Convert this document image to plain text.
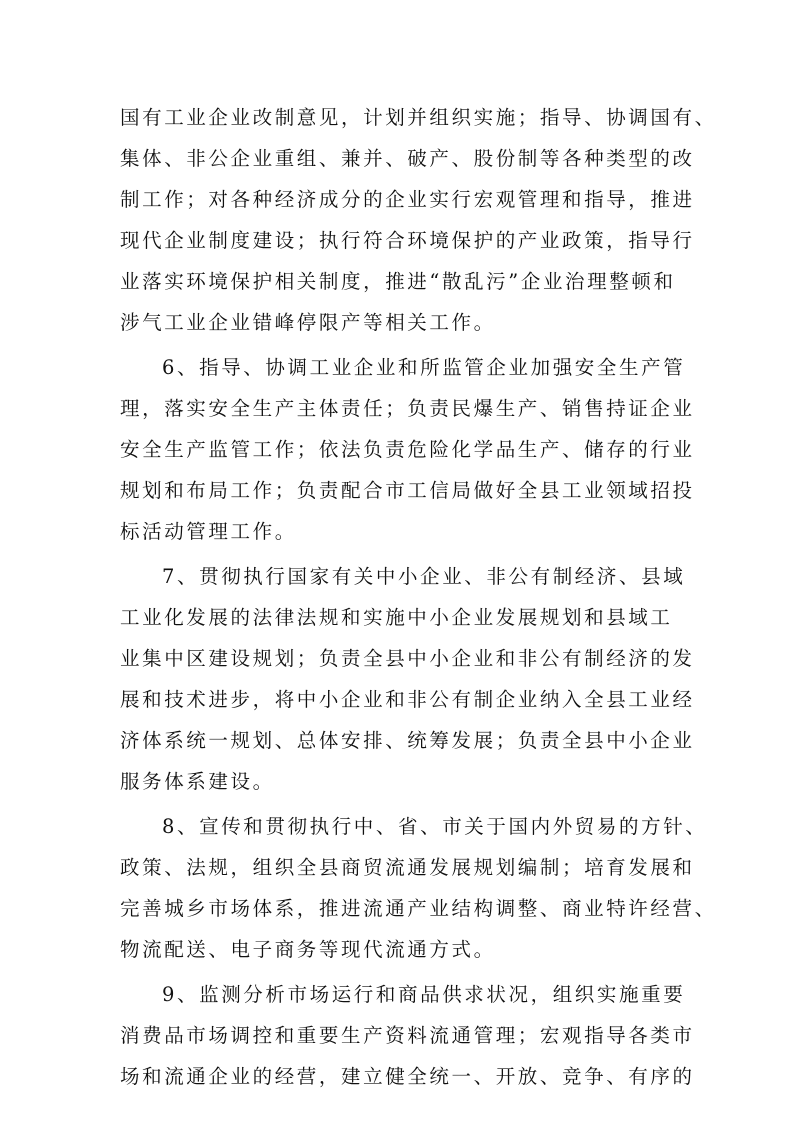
国有工业企业改制意见，计划并组织实施；指导、协调国有、
集体、非公企业重组、兼并、破产、股份制等各种类型的改
制工作；对各种经济成分的企业实行宏观管理和指导，推进
现代企业制度建设；执行符合环境保护的产业政策，指导行
业落实环境保护相关制度，推进“散乱污”企业治理整顿和
涉气工业企业错峰停限产等相关工作。
6、指导、协调工业企业和所监管企业加强安全生产管
理，落实安全生产主体责任；负责民爆生产、销售持证企业
安全生产监管工作；依法负责危险化学品生产、储存的行业
规划和布局工作；负责配合市工信局做好全县工业领域招投
标活动管理工作。
7、贯彻执行国家有关中小企业、非公有制经济、县域
工业化发展的法律法规和实施中小企业发展规划和县域工
业集中区建设规划；负责全县中小企业和非公有制经济的发
展和技术进步，将中小企业和非公有制企业纳入全县工业经
济体系统一规划、总体安排、统筹发展；负责全县中小企业
服务体系建设。
8、宣传和贯彻执行中、省、市关于国内外贸易的方针、
政策、法规，组织全县商贸流通发展规划编制；培育发展和
完善城乡市场体系，推进流通产业结构调整、商业特许经营、
物流配送、电子商务等现代流通方式。
9、监测分析市场运行和商品供求状况，组织实施重要
消费品市场调控和重要生产资料流通管理；宏观指导各类市
场和流通企业的经营，建立健全统一、开放、竞争、有序的
